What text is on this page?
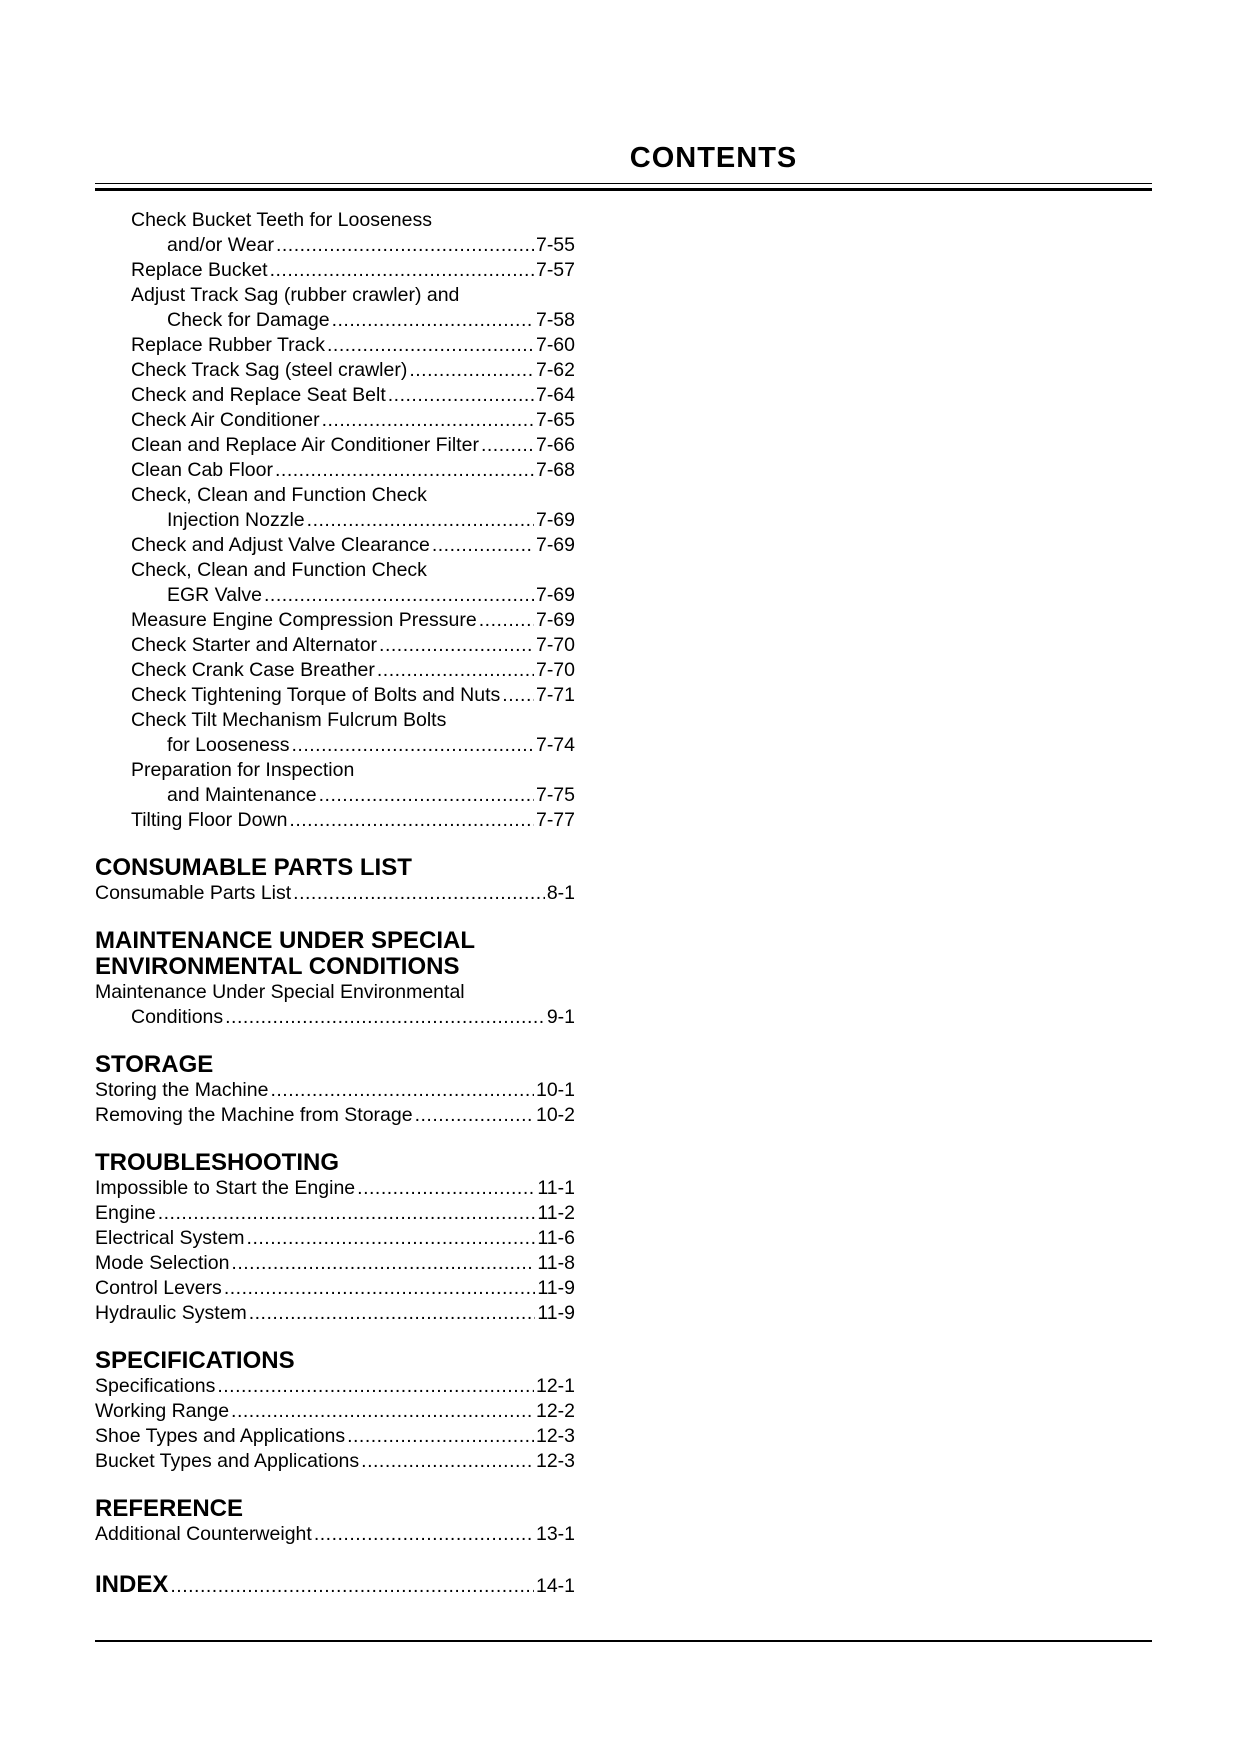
CONTENTS
Check Bucket Teeth for Looseness
and/or Wear .....	7-55
Replace Bucket .....	7-57
Adjust Track Sag (rubber crawler) and
Check for Damage .....	7-58
Replace Rubber Track .....	7-60
Check Track Sag (steel crawler) .....	7-62
Check and Replace Seat Belt .....	7-64
Check Air Conditioner .....	7-65
Clean and Replace Air Conditioner Filter .....	7-66
Clean Cab Floor .....	7-68
Check, Clean and Function Check
Injection Nozzle .....	7-69
Check and Adjust Valve Clearance .....	7-69
Check, Clean and Function Check
EGR Valve .....	7-69
Measure Engine Compression Pressure .....	7-69
Check Starter and Alternator .....	7-70
Check Crank Case Breather .....	7-70
Check Tightening Torque of Bolts and Nuts ..... 7-71
Check Tilt Mechanism Fulcrum Bolts
for Looseness .....	7-74
Preparation for Inspection
and Maintenance .....	7-75
Tilting Floor Down .....	7-77
CONSUMABLE PARTS LIST
Consumable Parts List .....	8-1
MAINTENANCE UNDER SPECIAL
ENVIRONMENTAL CONDITIONS
Maintenance Under Special Environmental
Conditions .....	9-1
STORAGE
Storing the Machine .....	10-1
Removing the Machine from Storage .....	10-2
TROUBLESHOOTING
Impossible to Start the Engine .....	11-1
Engine .....	11-2
Electrical System .....	11-6
Mode Selection .....	11-8
Control Levers .....	11-9
Hydraulic System .....	11-9
SPECIFICATIONS
Specifications .....	12-1
Working Range .....	12-2
Shoe Types and Applications .....	12-3
Bucket Types and Applications .....	12-3
REFERENCE
Additional Counterweight .....	13-1
INDEX .....	14-1
